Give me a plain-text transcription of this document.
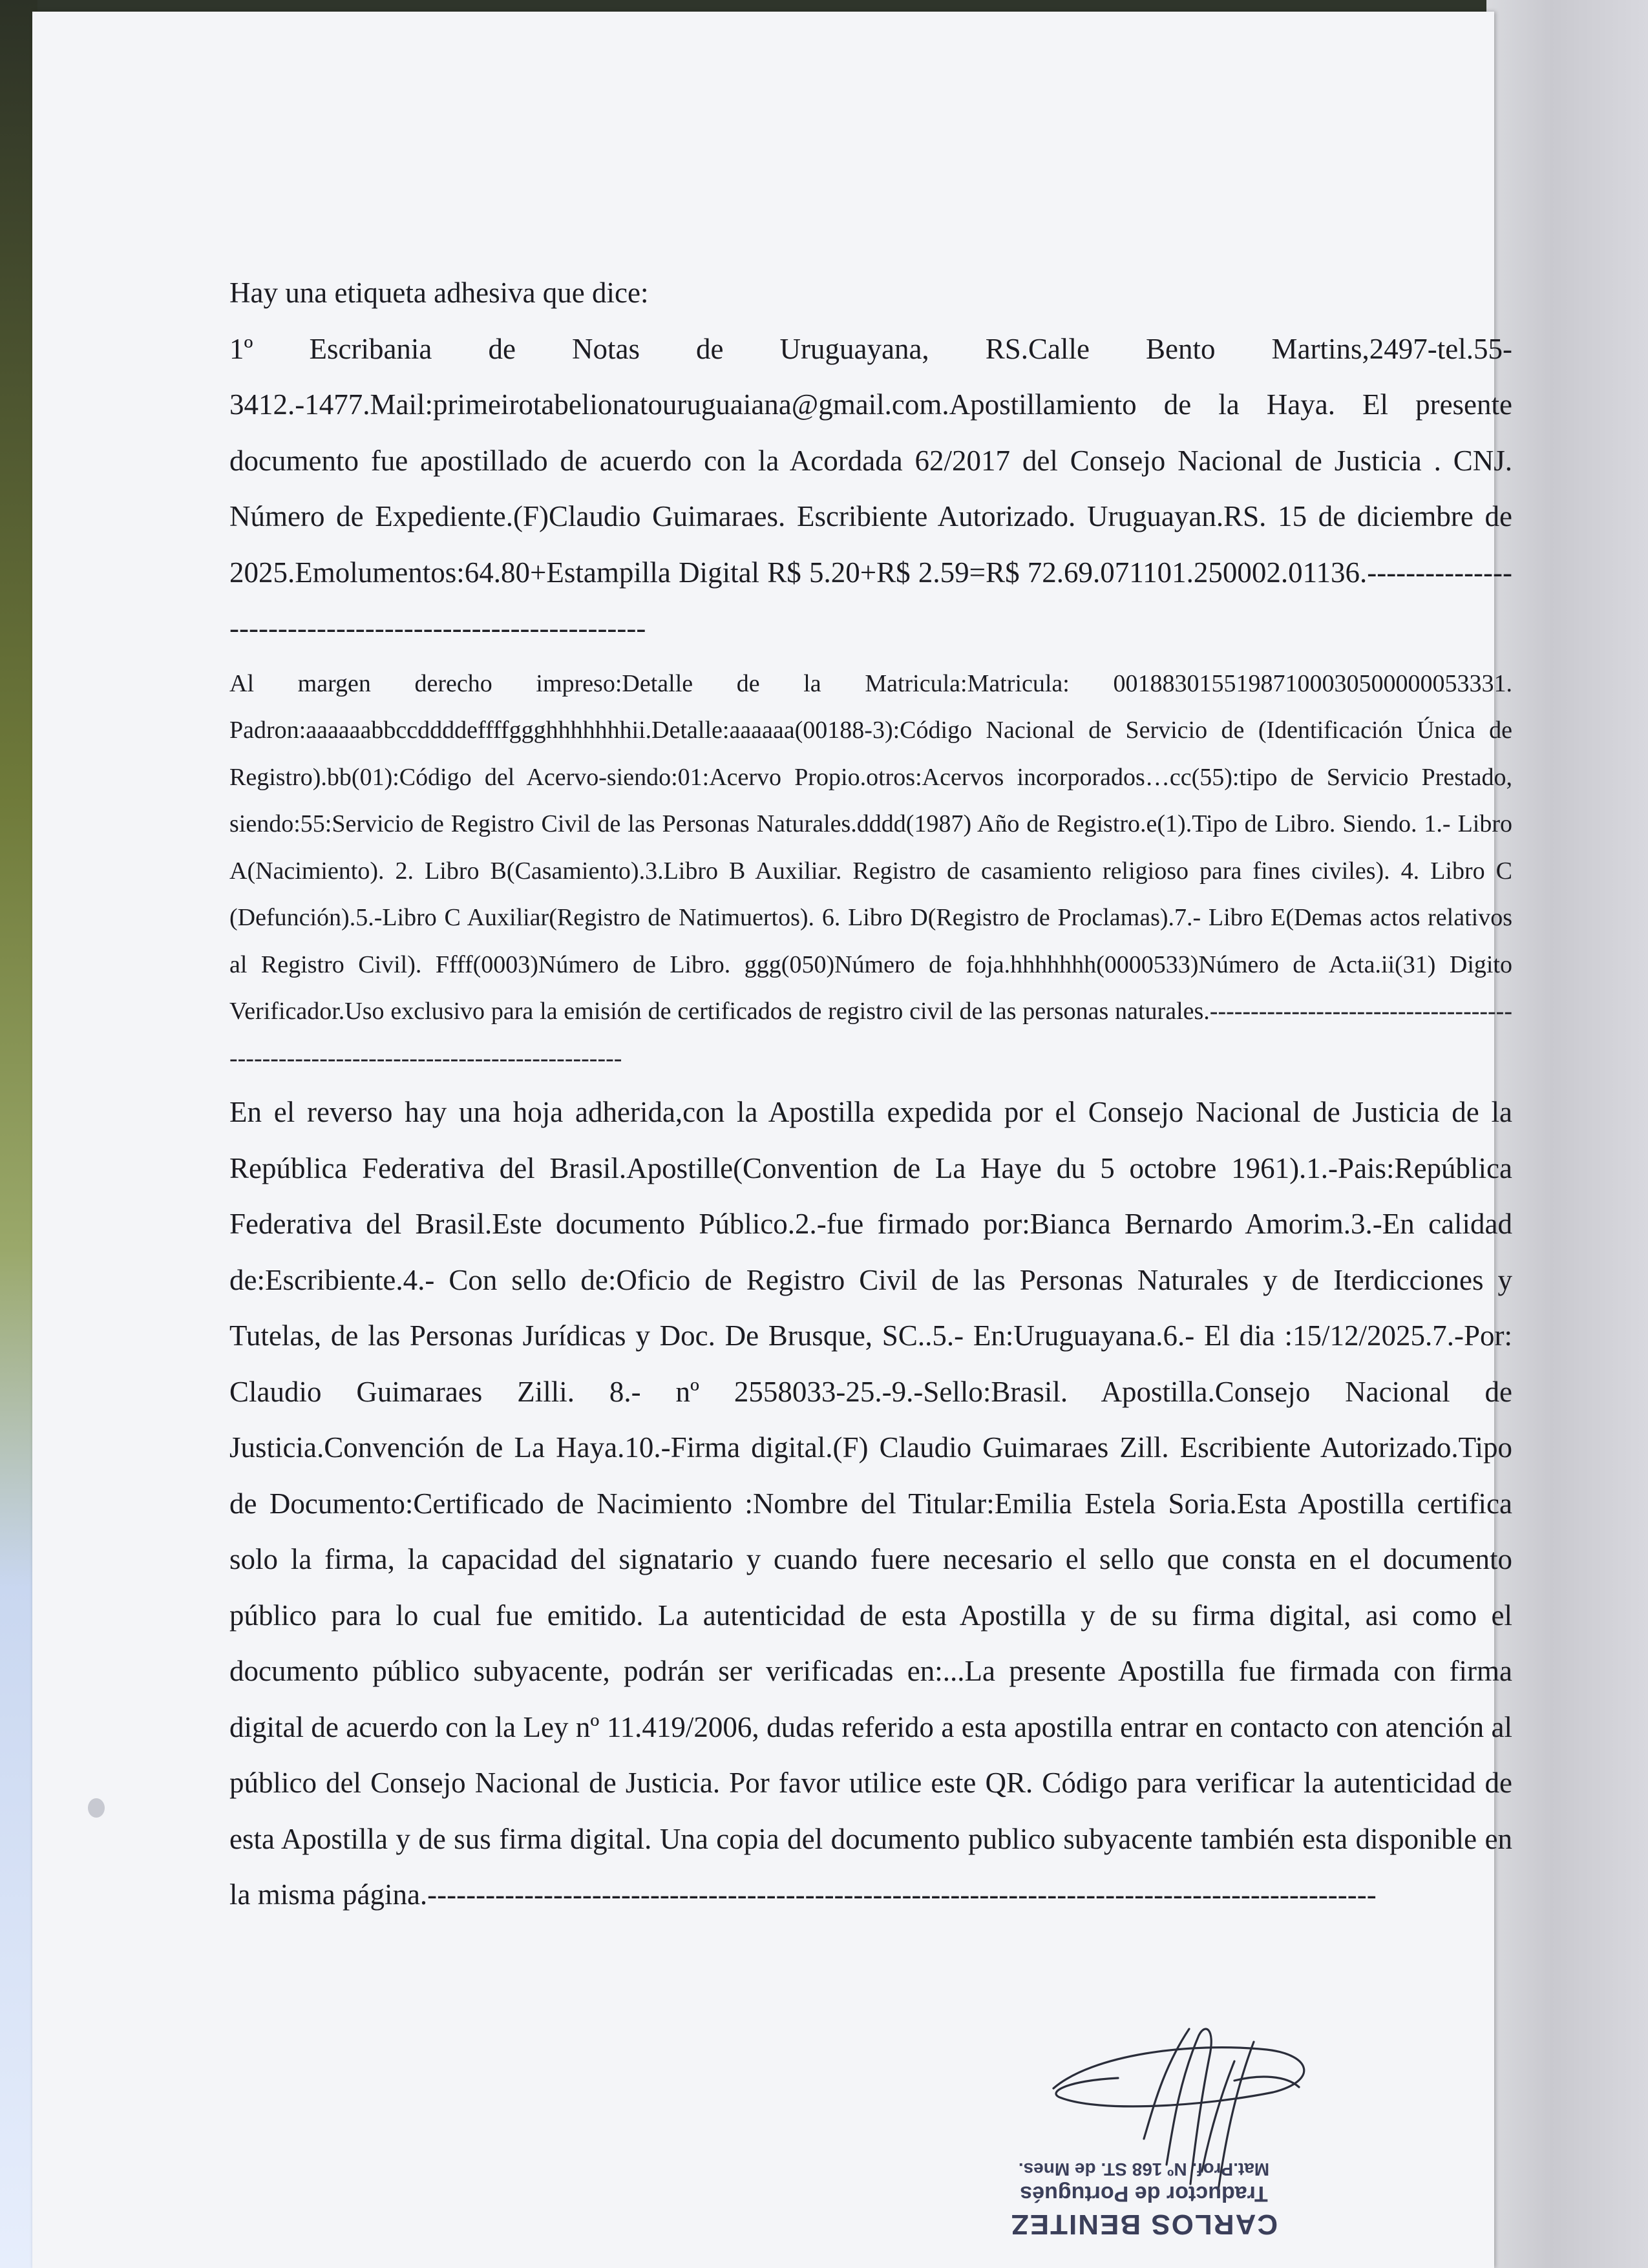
Hay una etiqueta adhesiva que dice:

1º Escribania de Notas de Uruguayana, RS.Calle Bento Martins,2497-tel.55-3412.-1477.Mail:primeirotabelionatouruguaiana@gmail.com.Apostillamiento de la Haya. El presente documento fue apostillado de acuerdo con la Acordada 62/2017 del Consejo Nacional de Justicia . CNJ. Número de Expediente.(F)Claudio Guimaraes. Escribiente Autorizado. Uruguayan.RS. 15 de diciembre de 2025.Emolumentos:64.80+Estampilla Digital R$ 5.20+R$ 2.59=R$ 72.69.071101.250002.01136.----------------------------------------------------------

Al margen derecho impreso:Detalle de la Matricula:Matricula: 00188301551987100030500000053331. Padron:aaaaaabbccddddeffffggghhhhhhhii.Detalle:aaaaaa(00188-3):Código Nacional de Servicio de (Identificación Única de Registro).bb(01):Código del Acervo-siendo:01:Acervo Propio.otros:Acervos incorporados…cc(55):tipo de Servicio Prestado, siendo:55:Servicio de Registro Civil de las Personas Naturales.dddd(1987) Año de Registro.e(1).Tipo de Libro. Siendo. 1.- Libro A(Nacimiento). 2. Libro B(Casamiento).3.Libro B Auxiliar. Registro de casamiento religioso para fines civiles). 4. Libro C (Defunción).5.-Libro C Auxiliar(Registro de Natimuertos). 6. Libro D(Registro de Proclamas).7.- Libro E(Demas actos relativos al Registro Civil). Ffff(0003)Número de Libro. ggg(050)Número de foja.hhhhhhh(0000533)Número de Acta.ii(31) Digito Verificador.Uso exclusivo para la emisión de certificados de registro civil de las personas naturales.-------------------------------------------------------------------------------------

En el reverso hay una hoja adherida,con la Apostilla expedida por el Consejo Nacional de Justicia de la República Federativa del Brasil.Apostille(Convention de La Haye du 5 octobre 1961).1.-Pais:República Federativa del Brasil.Este documento Público.2.-fue firmado por:Bianca Bernardo Amorim.3.-En calidad de:Escribiente.4.- Con sello de:Oficio de Registro Civil de las Personas Naturales y de Iterdicciones y Tutelas, de las Personas Jurídicas y Doc. De Brusque, SC..5.- En:Uruguayana.6.- El dia :15/12/2025.7.-Por: Claudio Guimaraes Zilli. 8.- nº 2558033-25.-9.-Sello:Brasil. Apostilla.Consejo Nacional de Justicia.Convención de La Haya.10.-Firma digital.(F) Claudio Guimaraes Zill. Escribiente Autorizado.Tipo de Documento:Certificado de Nacimiento :Nombre del Titular:Emilia Estela Soria.Esta Apostilla certifica solo la firma, la capacidad del signatario y cuando fuere necesario el sello que consta en el documento público para lo cual fue emitido. La autenticidad de esta Apostilla y de su firma digital, asi como el documento público subyacente, podrán ser verificadas en:...La presente Apostilla fue firmada con firma digital de acuerdo con la Ley nº 11.419/2006, dudas referido a esta apostilla entrar en contacto con atención al público del Consejo Nacional de Justicia. Por favor utilice este QR. Código para verificar la autenticidad de esta Apostilla y de sus firma digital. Una copia del documento publico subyacente también esta disponible en la misma página.--------------------------------------------------------------------------------------------------

CARLOS BENITEZ
Traductor de Portugués
Mat.Prof. Nº 168 ST. de Mnes.
